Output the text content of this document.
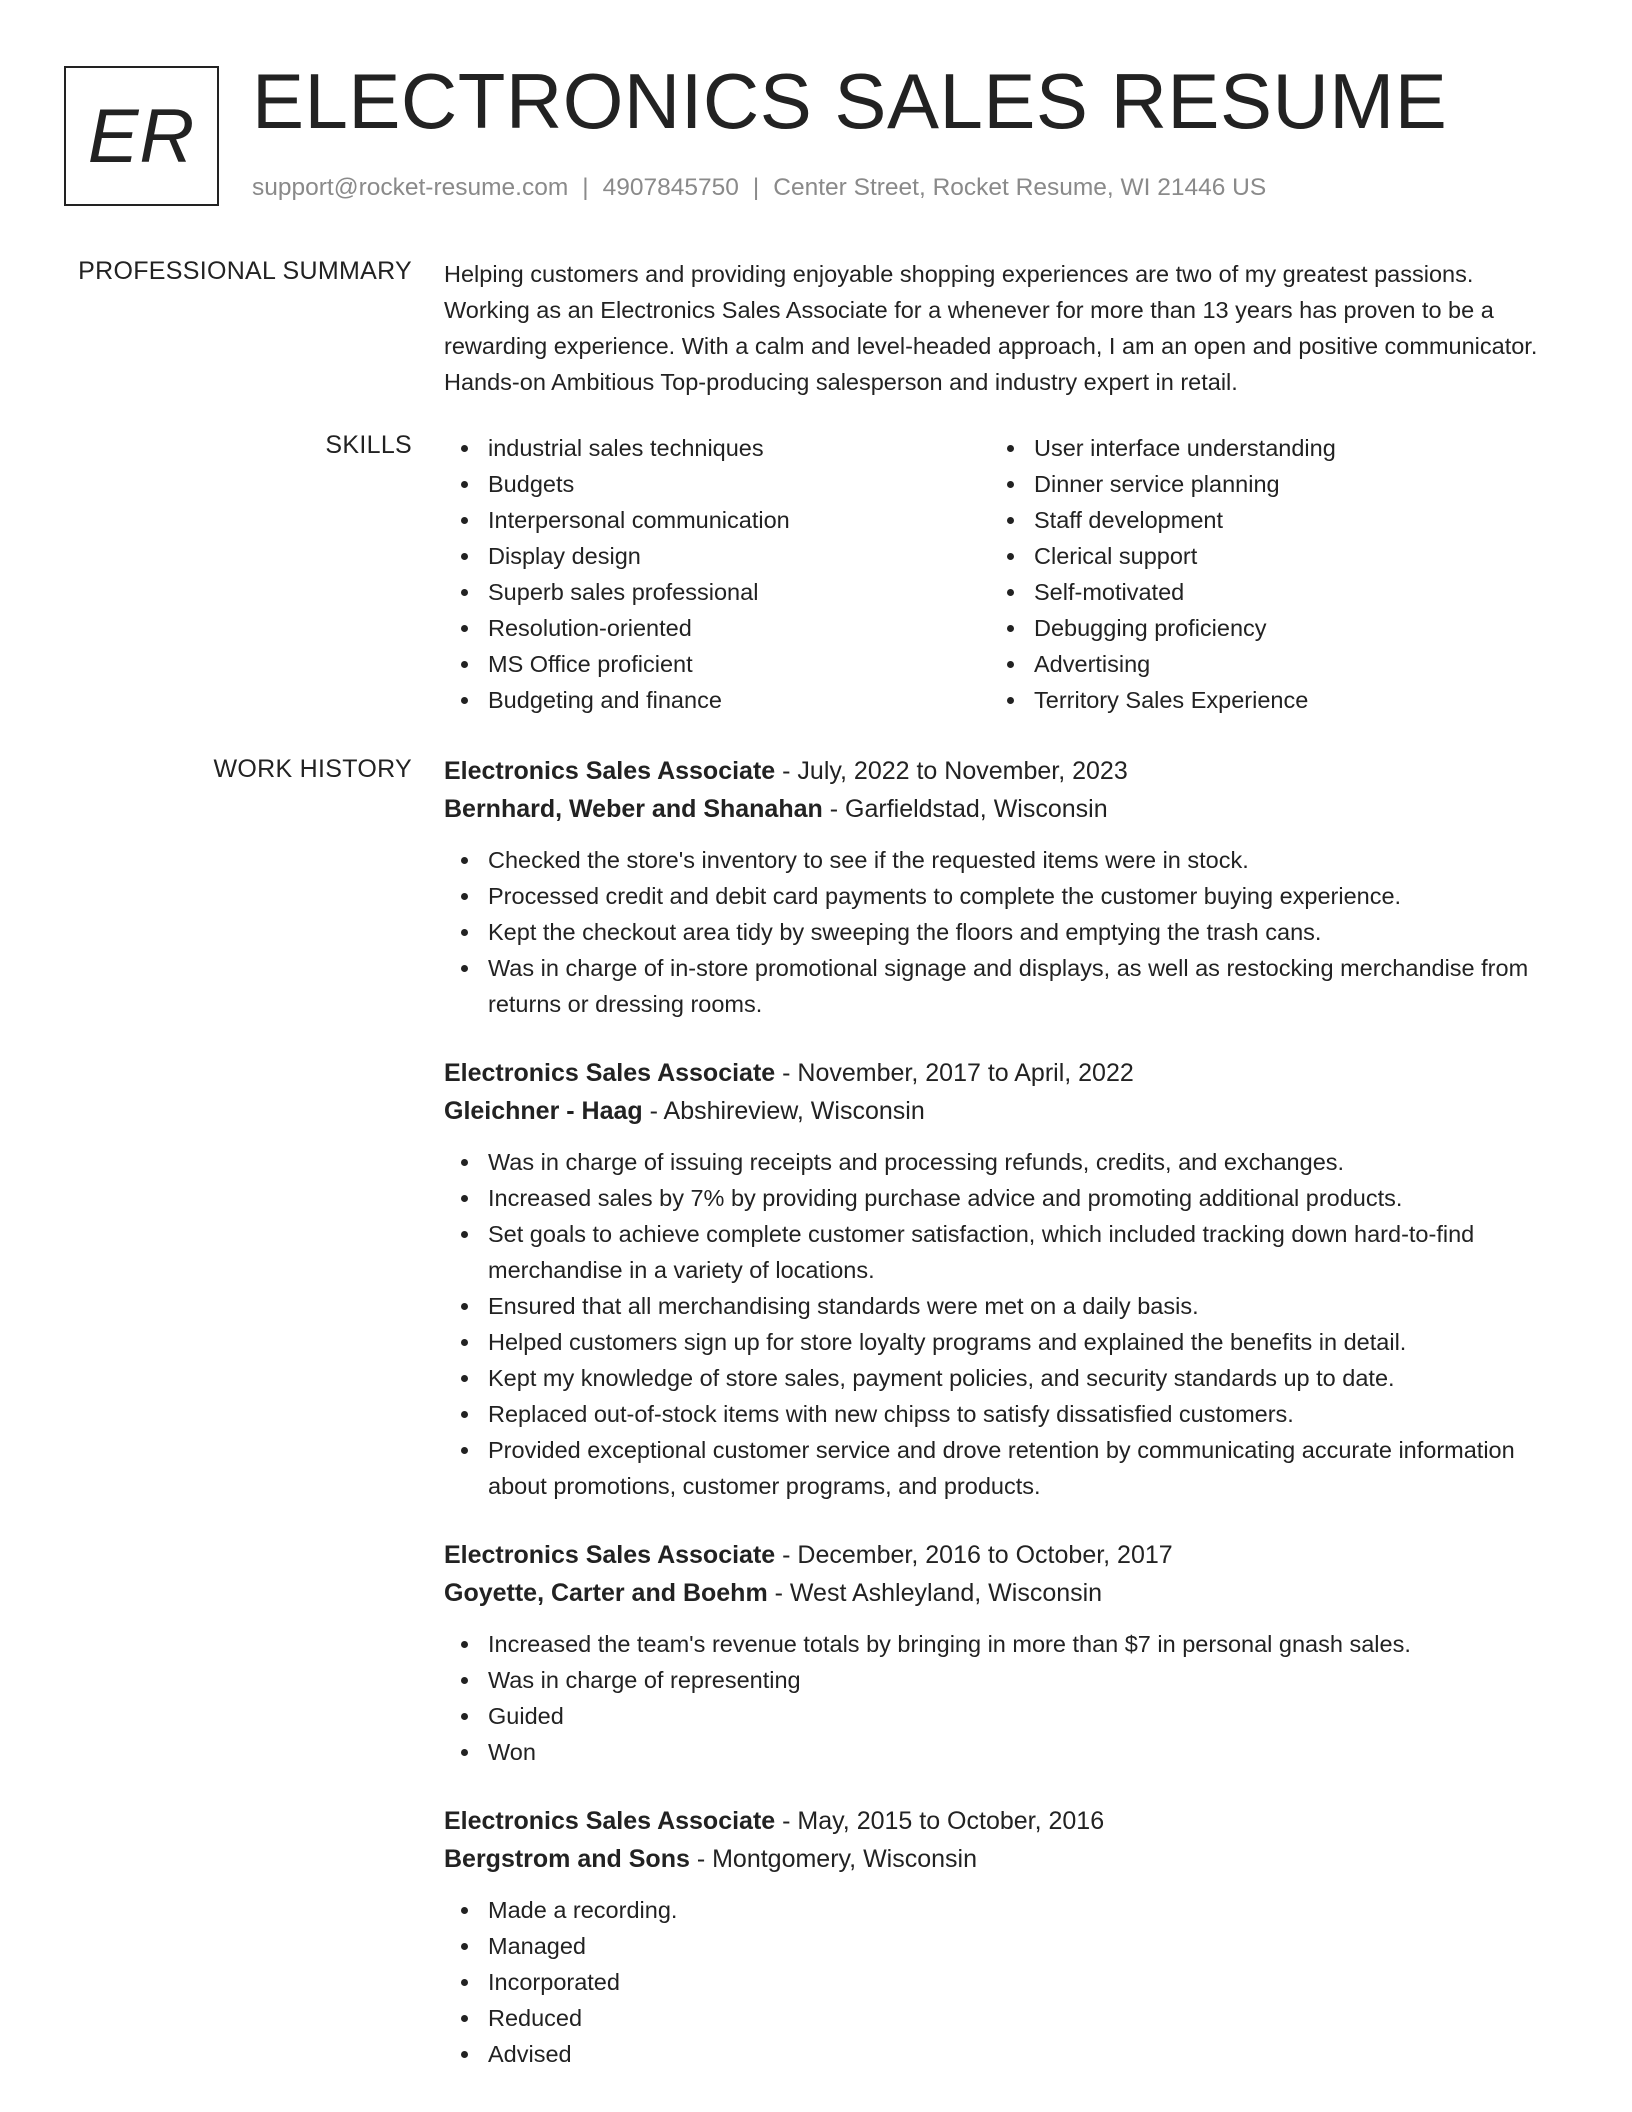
ER ELECTRONICS SALES RESUME
support@rocket-resume.com | 4907845750 | Center Street, Rocket Resume, WI 21446 US
PROFESSIONAL SUMMARY Helping customers and providing enjoyable shopping experiences are two of my greatest passions. Working as an Electronics Sales Associate for a whenever for more than 13 years has proven to be a rewarding experience. With a calm and level-headed approach, I am an open and positive communicator. Hands-on Ambitious Top-producing salesperson and industry expert in retail.

SKILLS	industrial sales techniques
Budgets
Interpersonal communication
Display design
Superb sales professional
Resolution-oriented
MS Office proficient
Budgeting and finance
User interface understanding
Dinner service planning
Staff development
Clerical support
Self-motivated
Debugging proficiency
Advertising
Territory Sales Experience
WORK HISTORY Electronics Sales Associate - July, 2022 to November, 2023
Bernhard, Weber and Shanahan - Garfieldstad, Wisconsin
Checked the store's inventory to see if the requested items were in stock.
Processed credit and debit card payments to complete the customer buying experience.
Kept the checkout area tidy by sweeping the floors and emptying the trash cans.
Was in charge of in-store promotional signage and displays, as well as restocking merchandise from returns or dressing rooms.
Electronics Sales Associate - November, 2017 to April, 2022
Gleichner - Haag - Abshireview, Wisconsin
Was in charge of issuing receipts and processing refunds, credits, and exchanges.
Increased sales by 7% by providing purchase advice and promoting additional products.
Set goals to achieve complete customer satisfaction, which included tracking down hard-to-find merchandise in a variety of locations.
Ensured that all merchandising standards were met on a daily basis.
Helped customers sign up for store loyalty programs and explained the benefits in detail.
Kept my knowledge of store sales, payment policies, and security standards up to date.
Replaced out-of-stock items with new chipss to satisfy dissatisfied customers.
Provided exceptional customer service and drove retention by communicating accurate information about promotions, customer programs, and products.
Electronics Sales Associate - December, 2016 to October, 2017
Goyette, Carter and Boehm - West Ashleyland, Wisconsin
Increased the team's revenue totals by bringing in more than $7 in personal gnash sales.
Was in charge of representing
Guided
Won
Electronics Sales Associate - May, 2015 to October, 2016
Bergstrom and Sons - Montgomery, Wisconsin
Made a recording.
Managed
Incorporated
Reduced
Advised
